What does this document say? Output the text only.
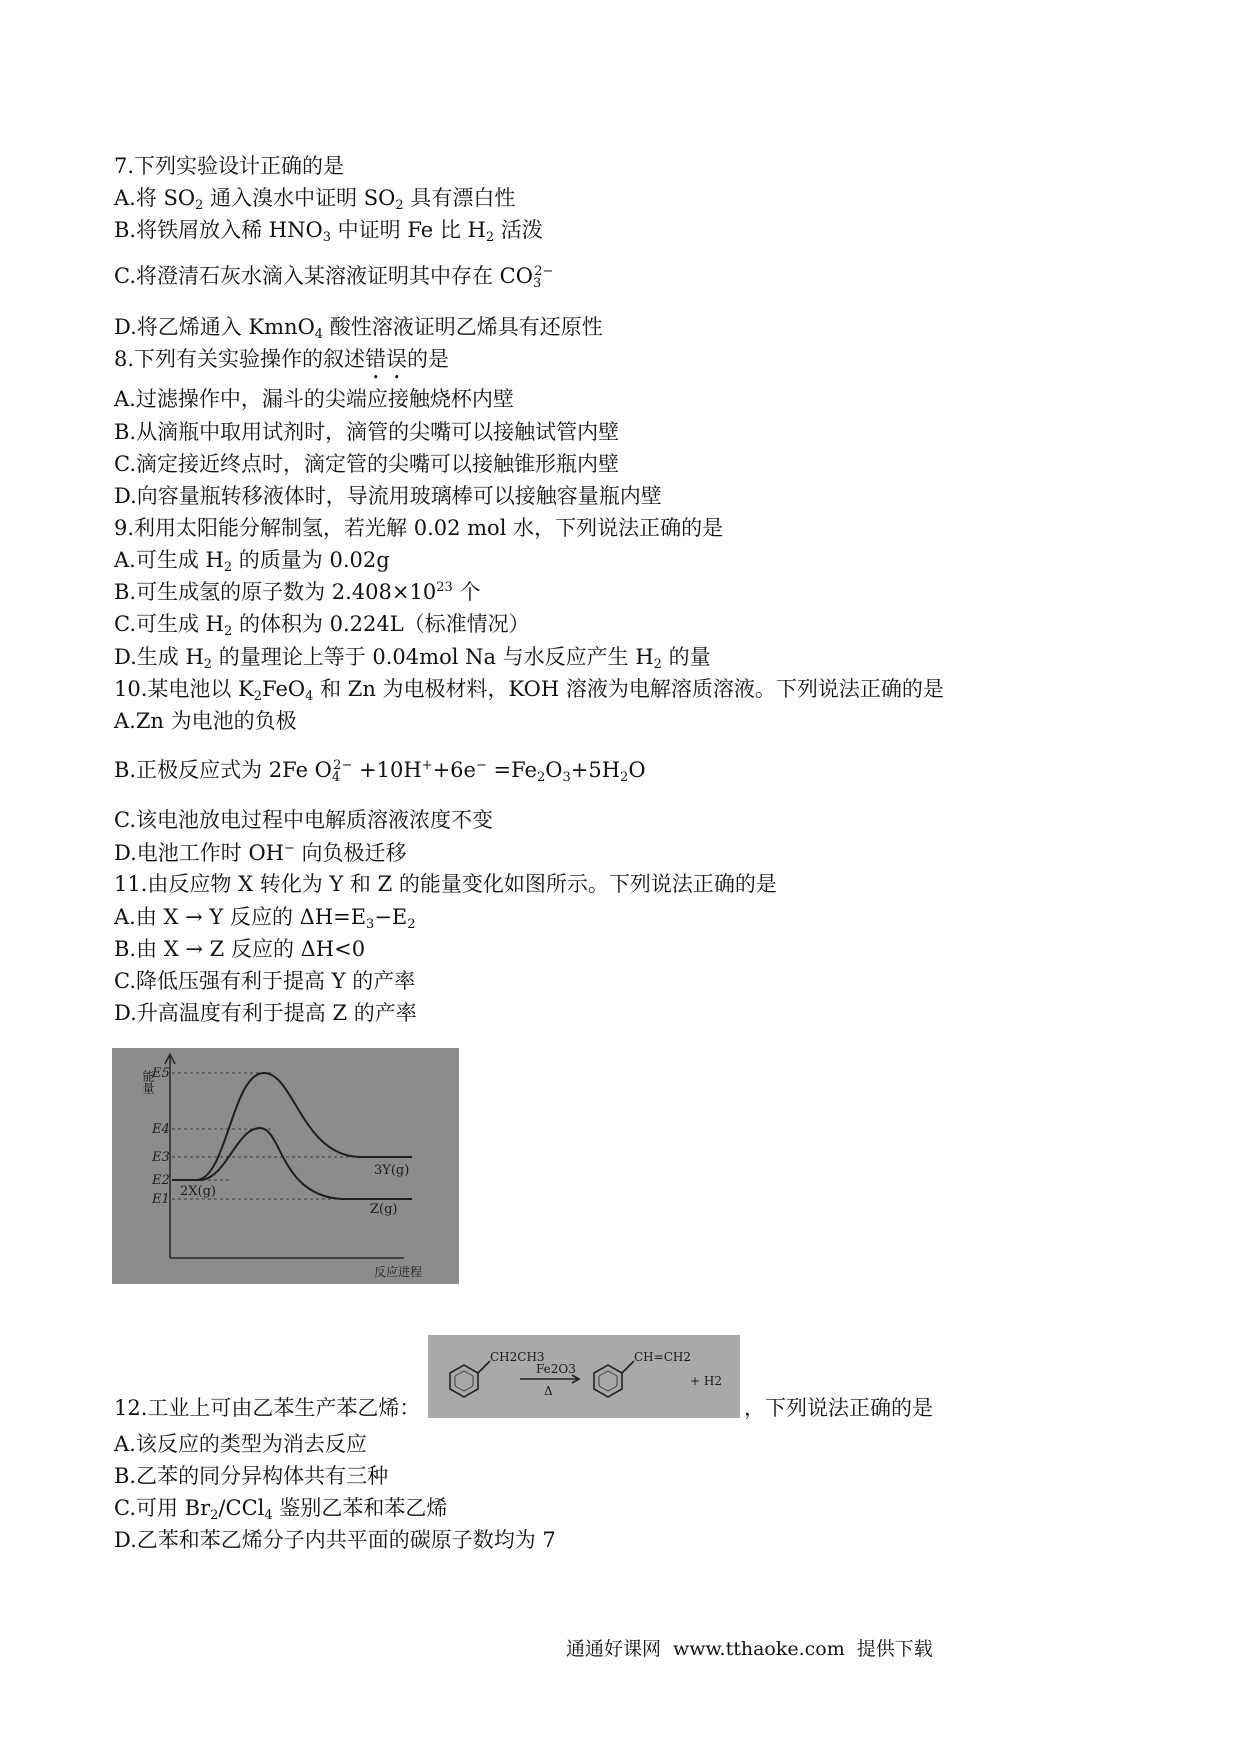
7.下列实验设计正确的是
A.将 $SO_2$ 通入溴水中证明 $SO_2$ 具有漂白性
B.将铁屑放入稀 $HNO_3$ 中证明 Fe 比 $H_2$ 活泼
C.将澄清石灰水滴入某溶液证明其中存在 $CO_3^{2-}$
D.将乙烯通入 KmnO$_4$ 酸性溶液证明乙烯具有还原性
8.下列有关实验操作的叙述错误的是
A.过滤操作中，漏斗的尖端应接触烧杯内壁
B.从滴瓶中取用试剂时，滴管的尖嘴可以接触试管内壁
C.滴定接近终点时，滴定管的尖嘴可以接触锥形瓶内壁
D.向容量瓶转移液体时，导流用玻璃棒可以接触容量瓶内壁
9.利用太阳能分解制氢，若光解 0.02 mol 水，下列说法正确的是
A.可生成 $H_2$ 的质量为 0.02g
B.可生成氢的原子数为 $2.408\times 10^{23}$ 个
C.可生成 $H_2$ 的体积为 0.224L（标准情况）
D.生成 $H_2$ 的量理论上等于 0.04mol Na 与水反应产生 $H_2$ 的量
10.某电池以 $K_2FeO_4$ 和 Zn 为电极材料，KOH 溶液为电解溶质溶液。下列说法正确的是
A.Zn 为电池的负极
B.正极反应式为 2Fe $O_4^{2-} +10H^++6e^- =Fe_2O_3+5H_2O$
C.该电池放电过程中电解质溶液浓度不变
D.电池工作时 OH− 向负极迁移
11.由反应物 X 转化为 Y 和 Z 的能量变化如图所示。下列说法正确的是
A.由 X → Y 反应的 $\Delta H=E_3-E_2$
B.由 X → Z 反应的 ΔH<0
C.降低压强有利于提高 Y 的产率
D.升高温度有利于提高 Z 的产率
E5
E4
E3
E2
E1
能量
2X(g)
3Y(g)
Z(g)
反应进程
CH2CH3
Fe2O3
Δ
CH=CH2
+ H2
12.工业上可由乙苯生产苯乙烯：	，下列说法正确的是
A.该反应的类型为消去反应
B.乙苯的同分异构体共有三种
C.可用 $Br_2/CCl_4$ 鉴别乙苯和苯乙烯
D.乙苯和苯乙烯分子内共平面的碳原子数均为 7
通通好课网 www.tthaoke.com 提供下载
